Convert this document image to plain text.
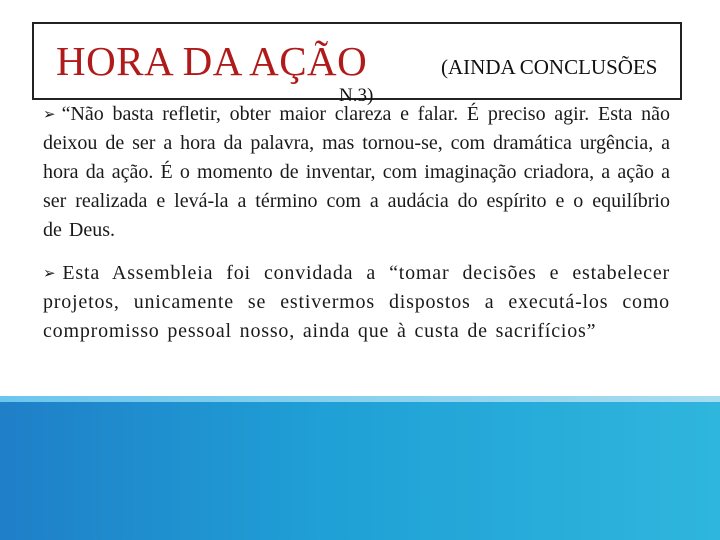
HORA DA AÇÃO	(AINDA CONCLUSÕES
N.3)

➢ “Não basta refletir, obter maior clareza e falar. É preciso agir. Esta não deixou de ser a hora da palavra, mas tornou-se, com dramática urgência, a hora da ação. É o momento de inventar, com imaginação criadora, a ação a ser realizada e levá-la a término com a audácia do espírito e o equilíbrio de Deus.

➢ Esta Assembleia foi convidada a “tomar decisões e estabelecer projetos, unicamente se estivermos dispostos a executá-los como compromisso pessoal nosso, ainda que à custa de sacrifícios”
